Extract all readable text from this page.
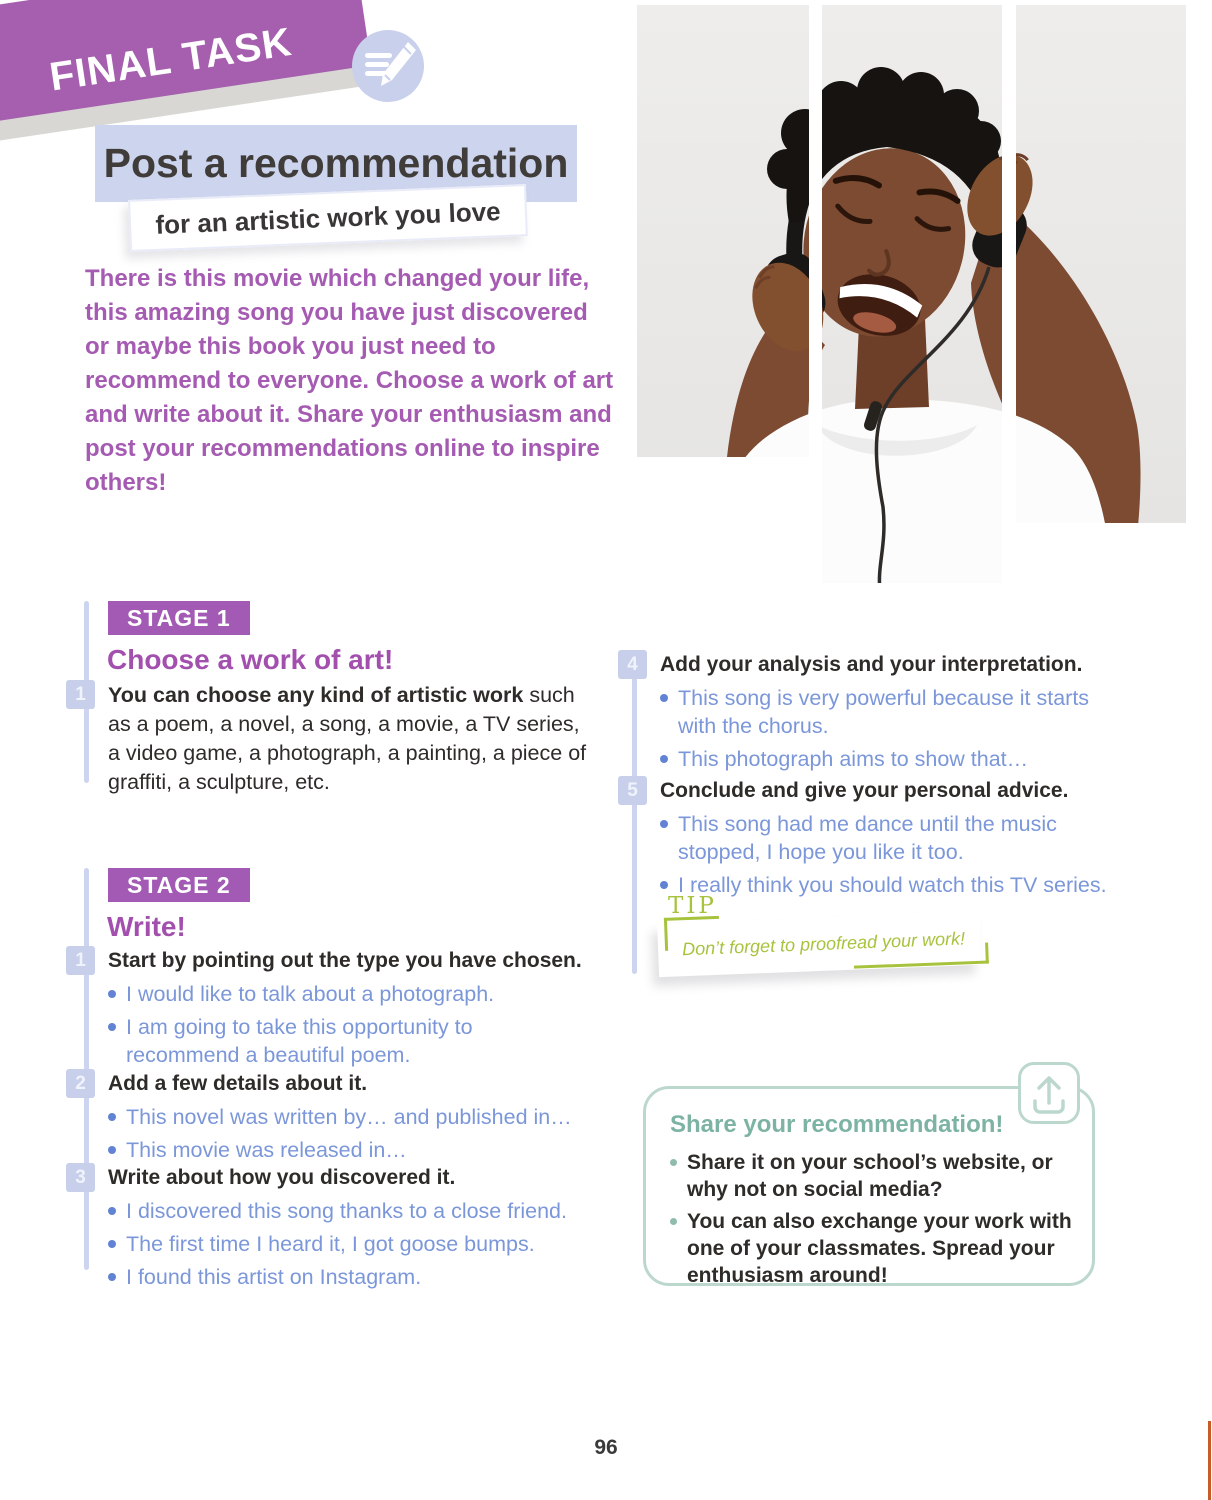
FINAL TASK
Post a recommendation
for an artistic work you love
There is this movie which changed your life, this amazing song you have just discovered or maybe this book you just need to recommend to everyone. Choose a work of art and write about it. Share your enthusiasm and post your recommendations online to inspire others!
STAGE 1
Choose a work of art!
1 You can choose any kind of artistic work such as a poem, a novel, a song, a movie, a TV series, a video game, a photograph, a painting, a piece of graffiti, a sculpture, etc.
STAGE 2
Write!
1 Start by pointing out the type you have chosen.
I would like to talk about a photograph.
I am going to take this opportunity to recommend a beautiful poem.
2 Add a few details about it.
This novel was written by… and published in…
This movie was released in…
3 Write about how you discovered it.
I discovered this song thanks to a close friend.
The first time I heard it, I got goose bumps.
I found this artist on Instagram.
4 Add your analysis and your interpretation.
This song is very powerful because it starts with the chorus.
This photograph aims to show that…
5 Conclude and give your personal advice.
This song had me dance until the music stopped, I hope you like it too.
I really think you should watch this TV series.
TIP
Don’t forget to proofread your work!
Share your recommendation!
Share it on your school’s website, or why not on social media?
You can also exchange your work with one of your classmates. Spread your enthusiasm around!
96
